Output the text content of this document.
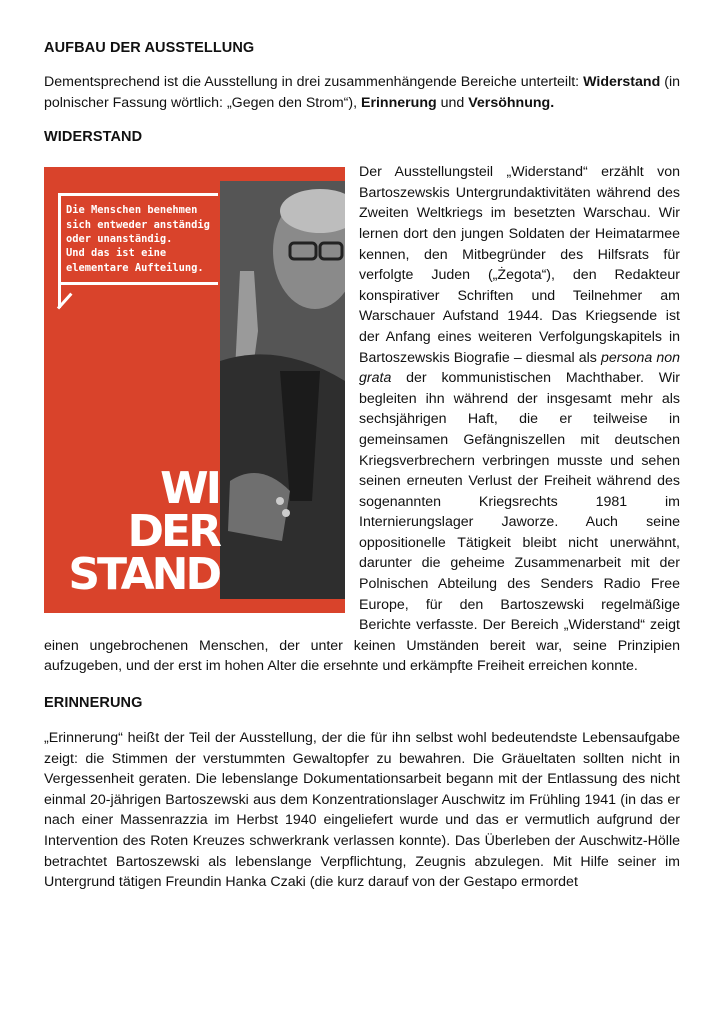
AUFBAU DER AUSSTELLUNG

Dementsprechend ist die Ausstellung in drei zusammenhängende Bereiche unterteilt: Widerstand (in polnischer Fassung wörtlich: „Gegen den Strom“), Erinnerung und Versöhnung.

WIDERSTAND
Die Menschen benehmen
sich entweder anständig
oder unanständig.
Und das ist eine
elementare Aufteilung.
WI
DER
STAND

Der Ausstellungsteil „Widerstand“ erzählt von Bartoszewskis Untergrundaktivitäten während des Zweiten Weltkriegs im besetzten Warschau. Wir lernen dort den jungen Soldaten der Heimatarmee kennen, den Mitbegründer des Hilfsrats für verfolgte Juden („Żegota“), den Redakteur konspirativer Schriften und Teilnehmer am Warschauer Aufstand 1944. Das Kriegsende ist der Anfang eines weiteren Verfolgungskapitels in Bartoszewskis Biografie – diesmal als persona non grata der kommunistischen Machthaber. Wir begleiten ihn während der insgesamt mehr als sechsjährigen Haft, die er teilweise in gemeinsamen Gefängniszellen mit deutschen Kriegsverbrechern verbringen musste und sehen seinen erneuten Verlust der Freiheit während des sogenannten Kriegsrechts 1981 im Internierungslager Jaworze. Auch seine oppositionelle Tätigkeit bleibt nicht unerwähnt, darunter die geheime Zusammenarbeit mit der Polnischen Abteilung des Senders Radio Free Europe, für den Bartoszewski regelmäßige Berichte verfasste. Der Bereich „Widerstand“ zeigt einen ungebrochenen Menschen, der unter keinen Umständen bereit war, seine Prinzipien aufzugeben, und der erst im hohen Alter die ersehnte und erkämpfte Freiheit erreichen konnte.

ERINNERUNG

„Erinnerung“ heißt der Teil der Ausstellung, der die für ihn selbst wohl bedeutendste Lebensaufgabe zeigt: die Stimmen der verstummten Gewaltopfer zu bewahren. Die Gräueltaten sollten nicht in Vergessenheit geraten. Die lebenslange Dokumentationsarbeit begann mit der Entlassung des nicht einmal 20-jährigen Bartoszewski aus dem Konzentrationslager Auschwitz im Frühling 1941 (in das er nach einer Massenrazzia im Herbst 1940 eingeliefert wurde und das er vermutlich aufgrund der Intervention des Roten Kreuzes schwerkrank verlassen konnte). Das Überleben der Auschwitz-Hölle betrachtet Bartoszewski als lebenslange Verpflichtung, Zeugnis abzulegen. Mit Hilfe seiner im Untergrund tätigen Freundin Hanka Czaki (die kurz darauf von der Gestapo ermordet
